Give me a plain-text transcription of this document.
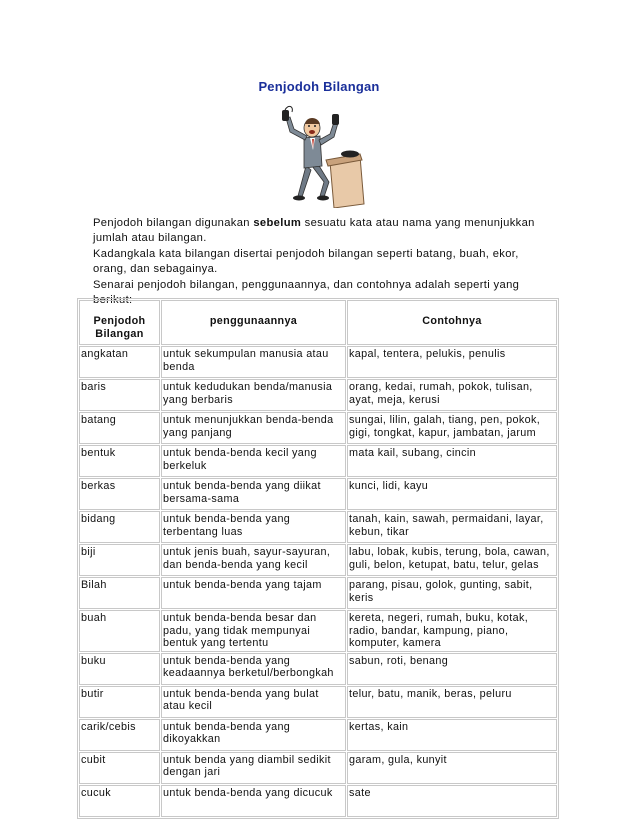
Penjodoh Bilangan

Penjodoh bilangan digunakan sebelum sesuatu kata atau nama yang menunjukkan jumlah atau bilangan.

Kadangkala kata bilangan disertai penjodoh bilangan seperti batang, buah, ekor, orang, dan sebagainya.

Senarai penjodoh bilangan, penggunaannya, dan contohnya adalah seperti yang berikut:

Penjodoh Bilangan	penggunaannya	Contohnya
angkatan	untuk sekumpulan manusia atau benda	kapal, tentera, pelukis, penulis
baris	untuk kedudukan benda/manusia yang berbaris	orang, kedai, rumah, pokok, tulisan, ayat, meja, kerusi
batang	untuk menunjukkan benda-benda yang panjang	sungai, lilin, galah, tiang, pen, pokok, gigi, tongkat, kapur, jambatan, jarum
bentuk	untuk benda-benda kecil yang berkeluk	mata kail, subang, cincin
berkas	untuk benda-benda yang diikat bersama-sama	kunci, lidi, kayu
bidang	untuk benda-benda yang terbentang luas	tanah, kain, sawah, permaidani, layar, kebun, tikar
biji	untuk jenis buah, sayur-sayuran, dan benda-benda yang kecil	labu, lobak, kubis, terung, bola, cawan, guli, belon, ketupat, batu, telur, gelas
Bilah	untuk benda-benda yang tajam	parang, pisau, golok, gunting, sabit, keris
buah	untuk benda-benda besar dan padu, yang tidak mempunyai bentuk yang tertentu	kereta, negeri, rumah, buku, kotak, radio, bandar, kampung, piano, komputer, kamera
buku	untuk benda-benda yang keadaannya berketul/berbongkah	sabun, roti, benang
butir	untuk benda-benda yang bulat atau kecil	telur, batu, manik, beras, peluru
carik/cebis	untuk benda-benda yang dikoyakkan	kertas, kain
cubit	untuk benda yang diambil sedikit dengan jari	garam, gula, kunyit
cucuk	untuk benda-benda yang dicucuk	sate
